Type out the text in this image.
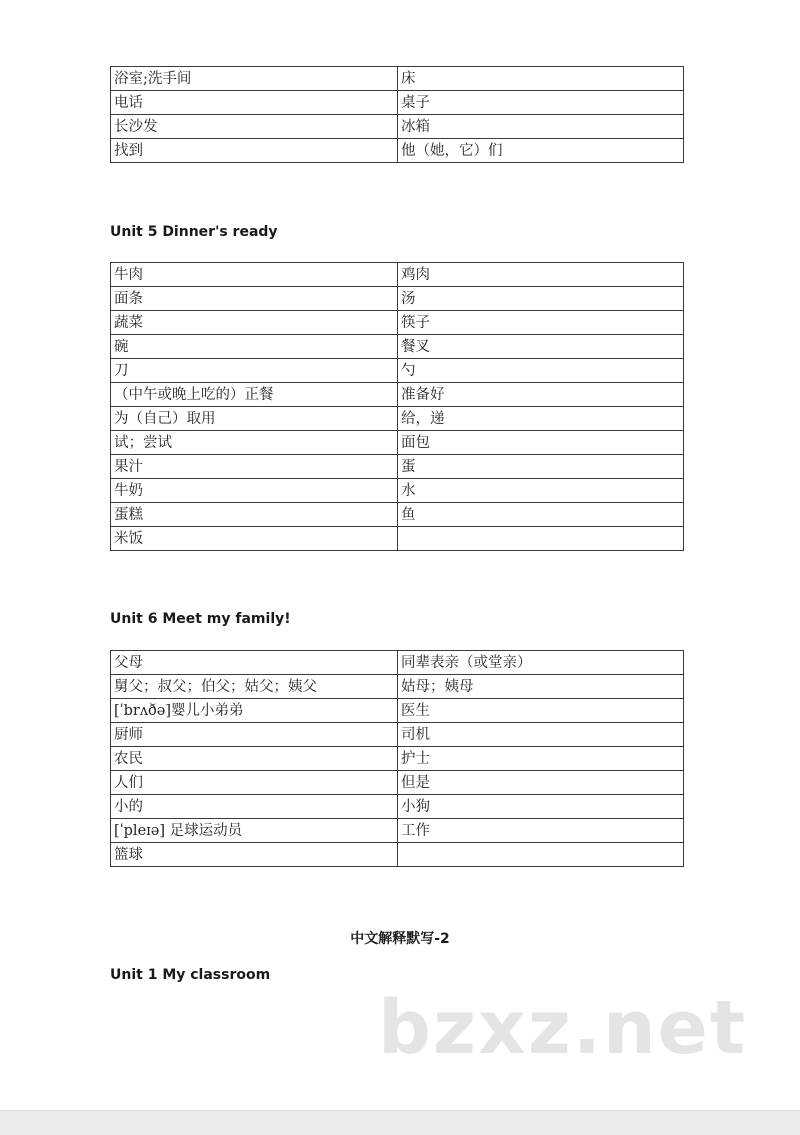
浴室;洗手间	床
电话	桌子
长沙发	冰箱
找到	他（她，它）们
Unit 5 Dinner's ready
牛肉	鸡肉
面条	汤
蔬菜	筷子
碗	餐叉
刀	勺
（中午或晚上吃的）正餐	准备好
为（自己）取用	给，递
试；尝试	面包
果汁	蛋
牛奶	水
蛋糕	鱼
米饭	
Unit 6 Meet my family!
父母	同辈表亲（或堂亲）
舅父；叔父；伯父；姑父；姨父	姑母；姨母
[ˈbrʌðə]婴儿小弟弟	医生
厨师	司机
农民	护士
人们	但是
小的	小狗
[ˈpleɪə] 足球运动员	工作
篮球	
中文解释默写-2
Unit 1 My classroom
bzxz.net
